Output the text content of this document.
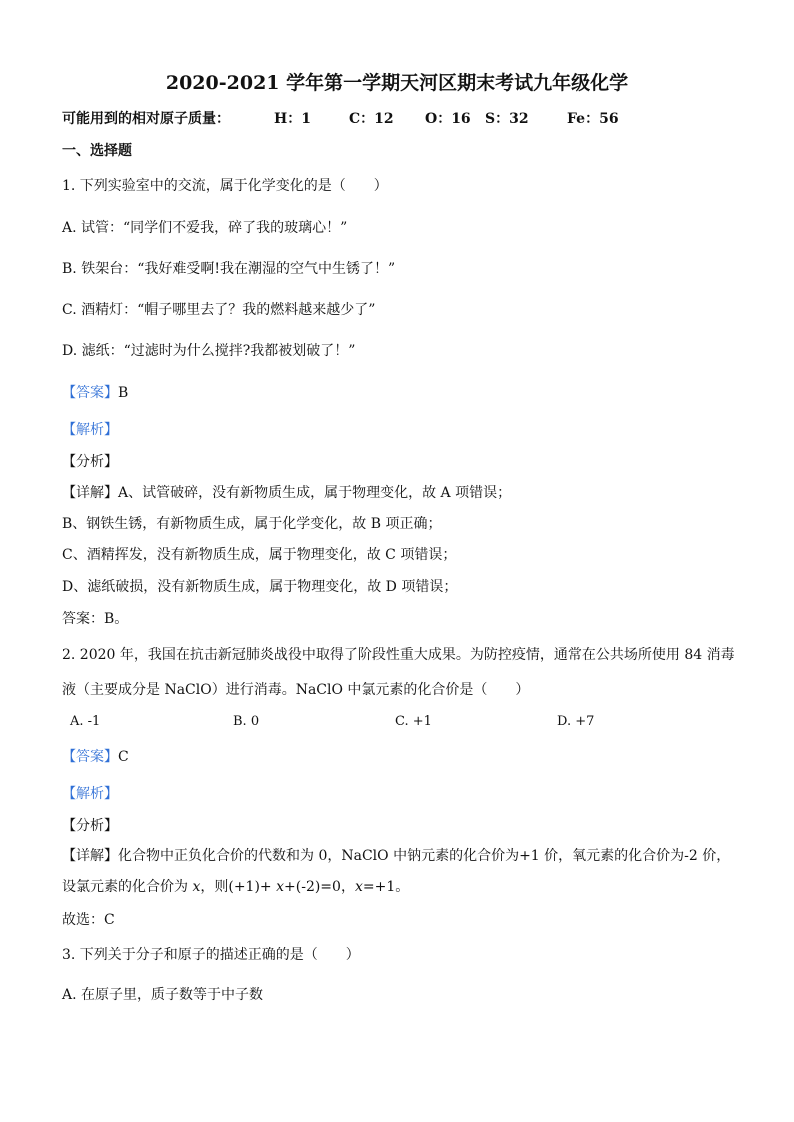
2020-2021 学年第一学期天河区期末考试九年级化学
可能用到的相对原子质量：	H：1	C：12 O：16 S：32	Fe：56
一、选择题
1. 下列实验室中的交流，属于化学变化的是（　　）
A. 试管：“同学们不爱我，碎了我的玻璃心！”
B. 铁架台：“我好难受啊!我在潮湿的空气中生锈了！”
C. 酒精灯：“帽子哪里去了？我的燃料越来越少了”
D. 滤纸：“过滤时为什么搅拌?我都被划破了！”
【答案】B
【解析】
【分析】
【详解】A、试管破碎，没有新物质生成，属于物理变化，故 A 项错误；
B、钢铁生锈，有新物质生成，属于化学变化，故 B 项正确；
C、酒精挥发，没有新物质生成，属于物理变化，故 C 项错误；
D、滤纸破损，没有新物质生成，属于物理变化，故 D 项错误；
答案：B。
2. 2020 年，我国在抗击新冠肺炎战役中取得了阶段性重大成果。为防控疫情，通常在公共场所使用 84 消毒
液（主要成分是 NaClO）进行消毒。NaClO 中氯元素的化合价是（　　）
A. -1	B. 0	C. +1	D. +7
【答案】C
【解析】
【分析】
【详解】化合物中正负化合价的代数和为 0，NaClO 中钠元素的化合价为+1 价，氧元素的化合价为-2 价，
设氯元素的化合价为 x，则(+1)+ x+(-2)=0，x=+1。
故选：C
3. 下列关于分子和原子的描述正确的是（　　）
A. 在原子里，质子数等于中子数
